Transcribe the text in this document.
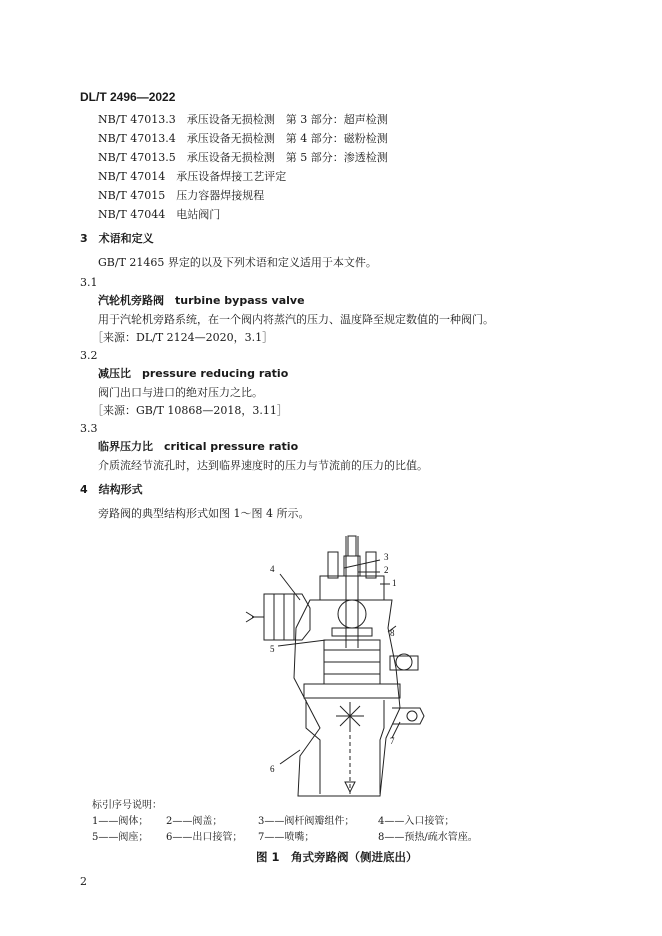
DL/T 2496—2022
NB/T 47013.3　承压设备无损检测　第 3 部分：超声检测
NB/T 47013.4　承压设备无损检测　第 4 部分：磁粉检测
NB/T 47013.5　承压设备无损检测　第 5 部分：渗透检测
NB/T 47014　承压设备焊接工艺评定
NB/T 47015　压力容器焊接规程
NB/T 47044　电站阀门
3　术语和定义
GB/T 21465 界定的以及下列术语和定义适用于本文件。
3.1
汽轮机旁路阀　turbine bypass valve
用于汽轮机旁路系统，在一个阀内将蒸汽的压力、温度降至规定数值的一种阀门。
［来源：DL/T 2124—2020，3.1］
3.2
减压比　pressure reducing ratio
阀门出口与进口的绝对压力之比。
［来源：GB/T 10868—2018，3.11］
3.3
临界压力比　critical pressure ratio
介质流经节流孔时，达到临界速度时的压力与节流前的压力的比值。
4　结构形式
旁路阀的典型结构形式如图 1～图 4 所示。
3
2
1
4
8
5
7
6
标引序号说明：
1——阀体； 2——阀盖；	3——阀杆阀瓣组件； 4——入口接管；
5——阀座； 6——出口接管； 7——喷嘴；	8——预热/疏水管座。
图 1　角式旁路阀（侧进底出）
2
